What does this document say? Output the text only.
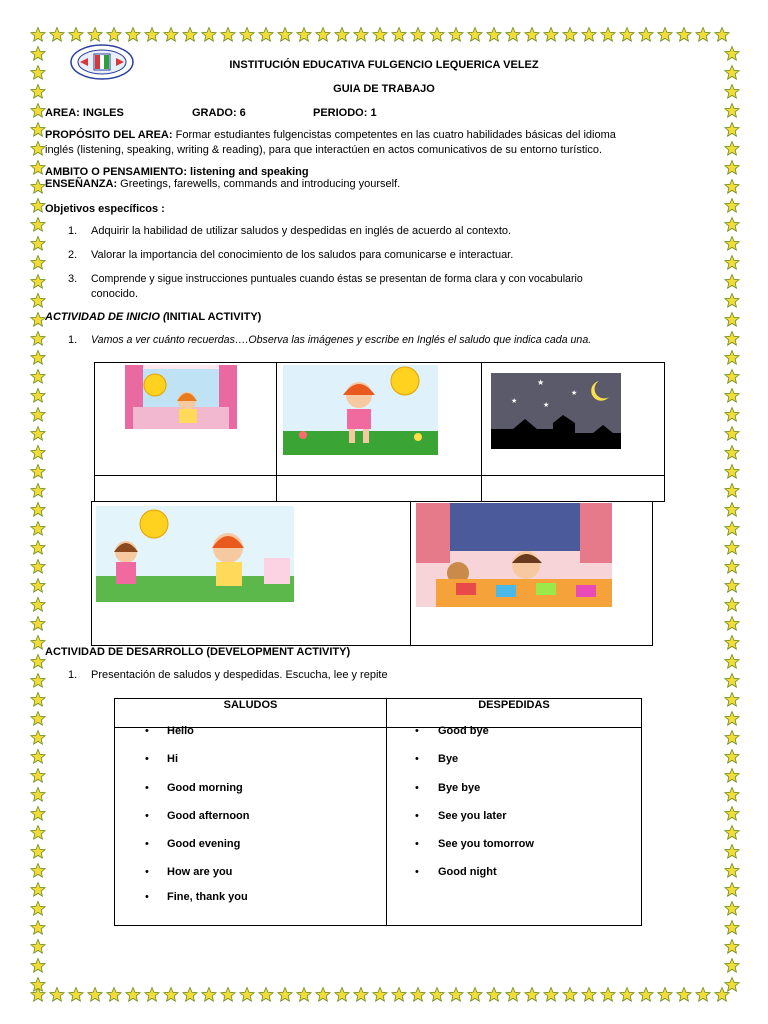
INSTITUCIÓN EDUCATIVA FULGENCIO LEQUERICA VELEZ
GUIA DE TRABAJO
AREA: INGLES	GRADO: 6	PERIODO: 1
PROPÓSITO DEL AREA: Formar estudiantes fulgencistas competentes en las cuatro habilidades básicas del idioma
inglés (listening, speaking, writing & reading), para que interactúen en actos comunicativos de su entorno turístico.
AMBITO O PENSAMIENTO: listening and speaking
ENSEÑANZA: Greetings, farewells, commands and introducing yourself.
Objetivos específicos :
1. Adquirir la habilidad de utilizar saludos y despedidas en inglés de acuerdo al contexto.
2. Valorar la importancia del conocimiento de los saludos para comunicarse e interactuar.
3. Comprende y sigue instrucciones puntuales cuando éstas se presentan de forma clara y con vocabulario
conocido.
ACTIVIDAD DE INICIO (INITIAL ACTIVITY)
1. Vamos a ver cuánto recuerdas….Observa las imágenes y escribe en Inglés el saludo que indica cada una.
★
★	★
★
ACTIVIDAD DE DESARROLLO (DEVELOPMENT ACTIVITY)
1. Presentación de saludos y despedidas. Escucha, lee y repite
SALUDOS	DESPEDIDAS
• Hello
• Hi
• Good morning
• Good afternoon
• Good evening
• How are you
• Fine, thank you
• Good bye
• Bye
• Bye bye
• See you later
• See you tomorrow
• Good night
